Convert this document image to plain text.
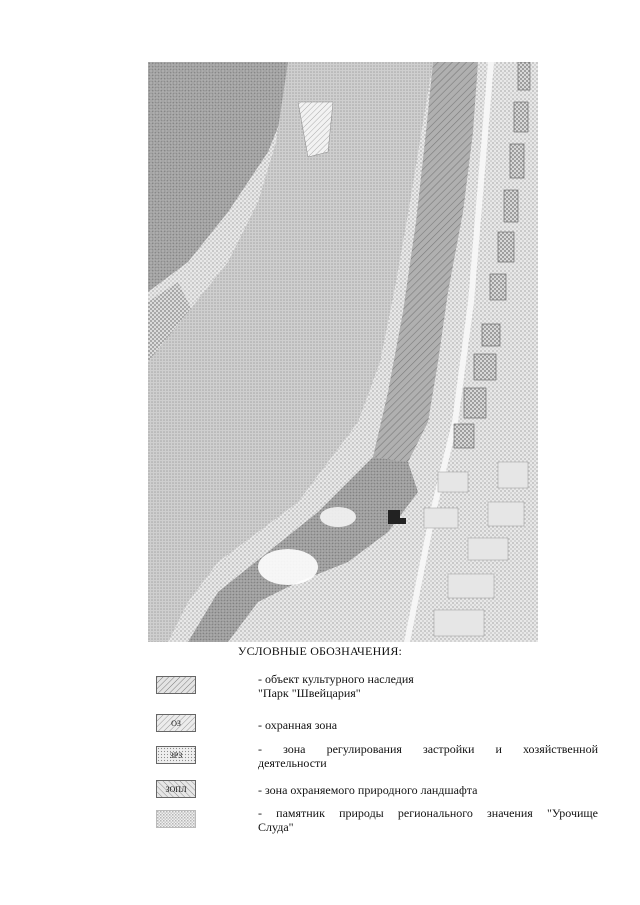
УСЛОВНЫЕ ОБОЗНАЧЕНИЯ:
- объект культурного наследия
"Парк "Швейцария"
ОЗ	- охранная зона
ЗРЗ	- зона регулирования застройки и хозяйственной
деятельности
ЗОПЛ	- зона охраняемого природного ландшафта
- памятник природы регионального значения "Урочище
Слуда"
